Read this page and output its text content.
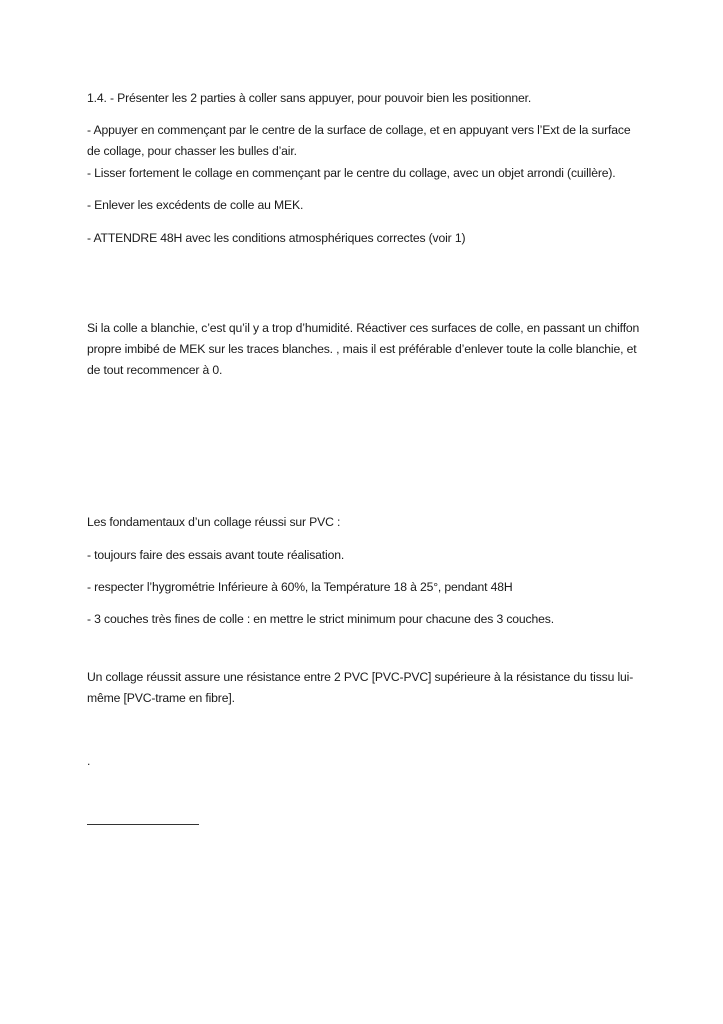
1.4. - Présenter les 2 parties à coller sans appuyer, pour pouvoir bien les positionner.

- Appuyer en commençant par le centre de la surface de collage, et en appuyant vers l’Ext de la surface de collage, pour chasser les bulles d’air.

- Lisser fortement le collage en commençant par le centre du collage, avec un objet arrondi (cuillère).

- Enlever les excédents de colle au MEK.

- ATTENDRE 48H avec les conditions atmosphériques correctes (voir 1)

Si la colle a blanchie, c’est qu’il y a trop d’humidité. Réactiver ces surfaces de colle, en passant un chiffon propre imbibé de MEK sur les traces blanches. , mais il est préférable d’enlever toute la colle blanchie, et de tout recommencer à 0.

Les fondamentaux d’un collage réussi sur PVC :

- toujours faire des essais avant toute réalisation.

- respecter l’hygrométrie Inférieure à 60%, la Température 18 à 25°, pendant 48H

- 3 couches très fines de colle : en mettre le strict minimum pour chacune des 3 couches.

Un collage réussit assure une résistance entre 2 PVC [PVC-PVC] supérieure à la résistance du tissu lui-même [PVC-trame en fibre].

.
